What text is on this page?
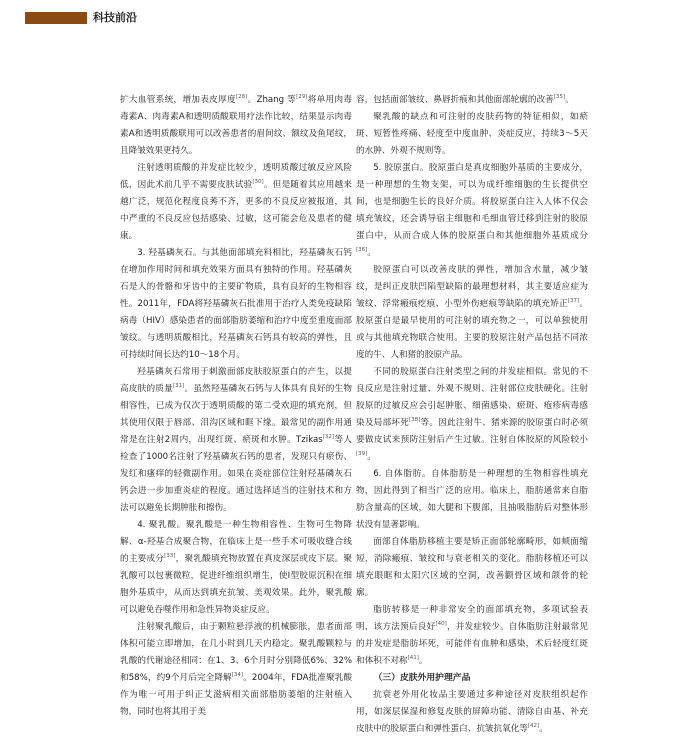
科技前沿

扩大血管系统，增加表皮厚度[28]。Zhang 等[29]将单用肉毒毒素A、肉毒素A和透明质酸联用疗法作比较，结果显示肉毒素A和透明质酸联用可以改善患者的眉间纹、额纹及鱼尾纹，且降皱效果更持久。

注射透明质酸的并发症比较少，透明质酸过敏反应风险低，因此术前几乎不需要皮肤试验[30]。但是随着其应用越来越广泛，规范化程度良莠不齐，更多的不良反应被报道，其中严重的不良反应包括感染、过敏，这可能会危及患者的健康。

3. 羟基磷灰石。与其他面部填充料相比，羟基磷灰石钙在增加作用时间和填充效果方面具有独特的作用。羟基磷灰石是人的骨骼和牙齿中的主要矿物质，具有良好的生物相容性。2011年，FDA将羟基磷灰石批准用于治疗人类免疫缺陷病毒（HIV）感染患者的面部脂肪萎缩和治疗中度至重度面部皱纹。与透明质酸相比，羟基磷灰石钙具有较高的弹性，且可持续时间长达约10～18个月。

羟基磷灰石常用于刺激面部皮肤胶原蛋白的产生，以提高皮肤的质量[31]。虽然羟基磷灰石钙与人体具有良好的生物相容性，已成为仅次于透明质酸的第二受欢迎的填充剂，但其使用仅限于唇部、泪沟区域和眶下缘。最常见的副作用通常是在注射2周内，出现红斑、瘀斑和水肿。Tzikas[32]等人检查了1000名注射了羟基磷灰石钙的患者，发现只有瘀伤、发红和瘙痒的轻微副作用。如果在炎症部位注射羟基磷灰石钙会进一步加重炎症的程度。通过选择适当的注射技术和方法可以避免长期肿胀和擦伤。

4. 聚乳酸。聚乳酸是一种生物相容性、生物可生物降解、α-羟基合成聚合物，在临床上是一些手术可吸收缝合线的主要成分[33]，聚乳酸填充物放置在真皮深层或皮下层。聚乳酸可以包裹微粒，促进纤维组织增生，使Ⅰ型胶原沉积在细胞外基质中，从而达到填充抗皱、美观效果。此外，聚乳酸可以避免吞噬作用和急性异物炎症反应。

注射聚乳酸后，由于颗粒悬浮液的机械膨胀，患者面部体积可能立即增加，在几小时到几天内稳定。聚乳酸颗粒与乳酸的代谢途径相同：在1、3、6个月时分别降低6%、32%和58%，约9个月后完全降解[34]。2004年，FDA批准聚乳酸作为唯一可用于纠正艾滋病相关面部脂肪萎缩的注射植入物，同时也将其用于美

容，包括面部皱纹、鼻唇折痕和其他面部轮廓的改善[35]。

聚乳酸的缺点和可注射的皮肤药物的特征相似，如瘀斑、短暂性疼痛、轻度至中度血肿、炎症反应，持续3～5天的水肿、外观不规则等。

5. 胶原蛋白。胶原蛋白是真皮细胞外基质的主要成分，是一种理想的生物支架，可以为成纤维细胞的生长提供空间，也是细胞生长的良好介质。将胶原蛋白注入人体不仅会填充皱纹，还会诱导宿主细胞和毛细血管迁移到注射的胶原蛋白中，从而合成人体的胶原蛋白和其他细胞外基质成分[36]。

胶原蛋白可以改善皮肤的弹性，增加含水量，减少皱纹，是纠正皮肤凹陷型缺陷的最理想材料，其主要适应症为皱纹、浮常瘢痕疙痕、小型外伤疤痕等缺陷的填充矫正[37]。胶原蛋白是最早使用的可注射的填充物之一，可以单独使用或与其他填充物联合使用。主要的胶原注射产品包括不同浓度的牛、人和猪的胶原产品。

不同的胶原蛋白注射类型之间的并发症相似。常见的不良反应是注射过量、外观不规则、注射部位皮肤硬化。注射胶原的过敏反应会引起肿胀、细菌感染、瘀斑、疱疹病毒感染及局部坏死[38]等。因此注射牛、猪来源的胶原蛋白时必须要做皮试来预防注射后产生过敏。注射自体胶原的风险较小[39]。

6. 自体脂肪。自体脂肪是一种理想的生物相容性填充物，因此得到了相当广泛的应用。临床上，脂肪通常来自脂肪含量高的区域，如大腿和下腹部，且抽吸脂肪后对整体形状没有显著影响。

面部自体脂肪移植主要是矫正面部轮廓畸形，如颊面缩短，消除瘢痕、皱纹和与衰老相关的变化。脂肪移植还可以填充眼眶和太阳穴区域的空洞，改善颧骨区域和颌骨的轮廓。

脂肪转移是一种非常安全的面部填充物，多项试验表明，该方法预后良好[40]，并发症较少。自体脂肪注射最常见的并发症是脂肪坏死，可能伴有血肿和感染，术后轻度红斑和体积不对称[41]。

（三）皮肤外用护理产品

抗衰老外用化妆品主要通过多种途径对皮肤组织起作用，如深层保湿和修复皮肤的屏障功能、清除自由基、补充皮肤中的胶原蛋白和弹性蛋白、抗皱抗氧化等[42]。
